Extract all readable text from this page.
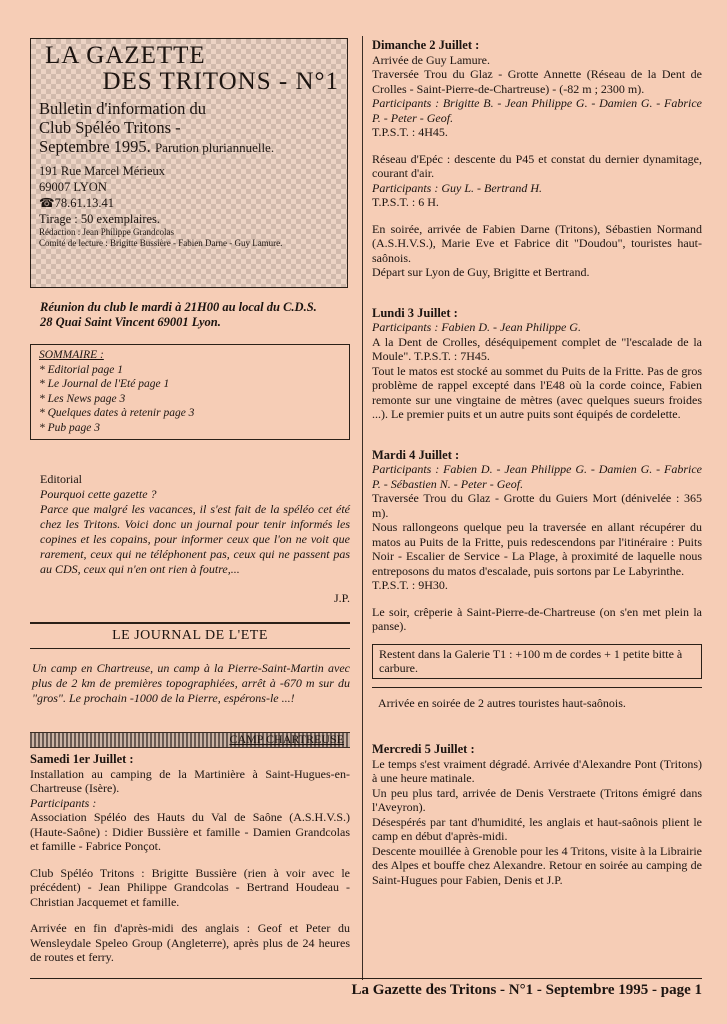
LA GAZETTE
DES TRITONS - N°1
Bulletin d'information du
Club Spéléo Tritons -
Septembre 1995. Parution pluriannuelle.
191 Rue Marcel Mérieux
69007 LYON
☎78.61.13.41
Tirage : 50 exemplaires.
Rédaction : Jean Philippe Grandcolas
Comité de lecture : Brigitte Bussière - Fabien Darne - Guy Lamure.
Réunion du club le mardi à 21H00 au local du C.D.S.
28 Quai Saint Vincent 69001 Lyon.
SOMMAIRE :
* Editorial page 1
* Le Journal de l'Eté page 1
* Les News page 3
* Quelques dates à retenir page 3
* Pub page 3
Editorial
Pourquoi cette gazette ?
Parce que malgré les vacances, il s'est fait de la spéléo cet été chez les Tritons. Voici donc un journal pour tenir informés les copines et les copains, pour informer ceux que l'on ne voit que rarement, ceux qui ne téléphonent pas, ceux qui ne passent pas au CDS, ceux qui n'en ont rien à foutre,...
J.P.
LE JOURNAL DE L'ETE
Un camp en Chartreuse, un camp à la Pierre-Saint-Martin avec plus de 2 km de premières topographiées, arrêt à -670 m sur du "gros". Le prochain -1000 de la Pierre, espérons-le ...!
CAMP CHARTREUSE
Samedi 1er Juillet :
Installation au camping de la Martinière à Saint-Hugues-en-Chartreuse (Isère).
Participants :
Association Spéléo des Hauts du Val de Saône (A.S.H.V.S.) (Haute-Saône) : Didier Bussière et famille - Damien Grandcolas et famille - Fabrice Ponçot.
Club Spéléo Tritons : Brigitte Bussière (rien à voir avec le précédent) - Jean Philippe Grandcolas - Bertrand Houdeau - Christian Jacquemet et famille.
Arrivée en fin d'après-midi des anglais : Geof et Peter du Wensleydale Speleo Group (Angleterre), après plus de 24 heures de routes et ferry.
Dimanche 2 Juillet :
Arrivée de Guy Lamure.
Traversée Trou du Glaz - Grotte Annette (Réseau de la Dent de Crolles - Saint-Pierre-de-Chartreuse) - (-82 m ; 2300 m).
Participants : Brigitte B. - Jean Philippe G. - Damien G. - Fabrice P. - Peter - Geof.
T.P.S.T. : 4H45.
Réseau d'Epéc : descente du P45 et constat du dernier dynamitage, courant d'air.
Participants : Guy L. - Bertrand H.
T.P.S.T. : 6 H.
En soirée, arrivée de Fabien Darne (Tritons), Sébastien Normand (A.S.H.V.S.), Marie Eve et Fabrice dit "Doudou", touristes haut-saônois.
Départ sur Lyon de Guy, Brigitte et Bertrand.
Lundi 3 Juillet :
Participants : Fabien D. - Jean Philippe G.
A la Dent de Crolles, déséquipement complet de "l'escalade de la Moule". T.P.S.T. : 7H45.
Tout le matos est stocké au sommet du Puits de la Fritte. Pas de gros problème de rappel excepté dans l'E48 où la corde coince, Fabien remonte sur une vingtaine de mètres (avec quelques sueurs froides ...). Le premier puits et un autre puits sont équipés de cordelette.
Mardi 4 Juillet :
Participants : Fabien D. - Jean Philippe G. - Damien G. - Fabrice P. - Sébastien N. - Peter - Geof.
Traversée Trou du Glaz - Grotte du Guiers Mort (dénivelée : 365 m).
Nous rallongeons quelque peu la traversée en allant récupérer du matos au Puits de la Fritte, puis redescendons par l'itinéraire : Puits Noir - Escalier de Service - La Plage, à proximité de laquelle nous entreposons du matos d'escalade, puis sortons par Le Labyrinthe.
T.P.S.T. : 9H30.
Le soir, crêperie à Saint-Pierre-de-Chartreuse (on s'en met plein la panse).
Restent dans la Galerie T1 : +100 m de cordes + 1 petite bitte à carbure.
Arrivée en soirée de 2 autres touristes haut-saônois.
Mercredi 5 Juillet :
Le temps s'est vraiment dégradé. Arrivée d'Alexandre Pont (Tritons) à une heure matinale.
Un peu plus tard, arrivée de Denis Verstraete (Tritons émigré dans l'Aveyron).
Désespérés par tant d'humidité, les anglais et haut-saônois plient le camp en début d'après-midi.
Descente mouillée à Grenoble pour les 4 Tritons, visite à la Librairie des Alpes et bouffe chez Alexandre. Retour en soirée au camping de Saint-Hugues pour Fabien, Denis et J.P.
La Gazette des Tritons - N°1 - Septembre 1995 - page 1
